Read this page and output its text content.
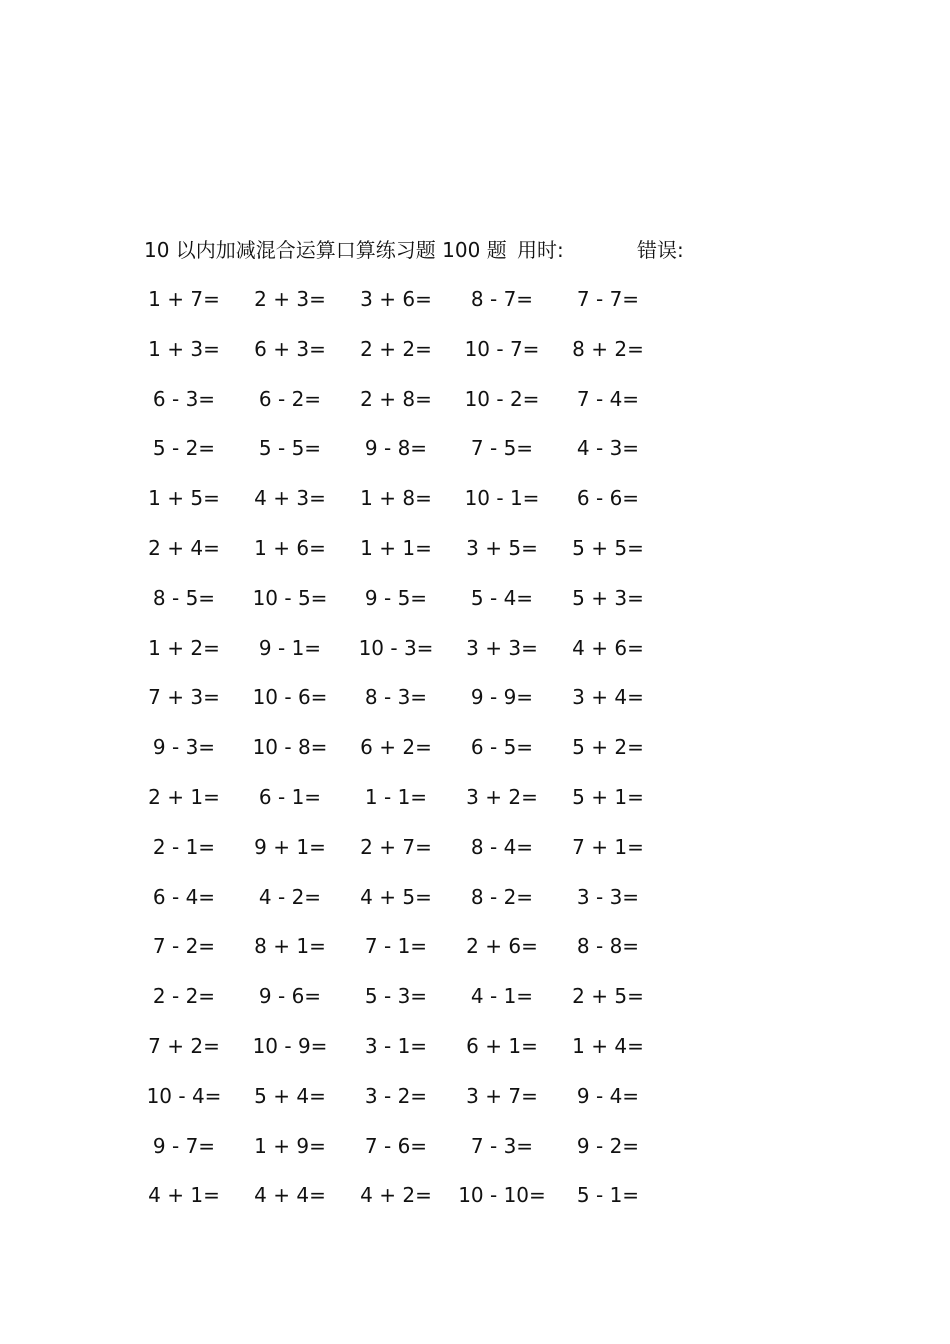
10 以内加减混合运算口算练习题 100 题 用时:	错误:
1 + 7=	2 + 3=	3 + 6=	8 - 7=	7 - 7=
1 + 3=	6 + 3=	2 + 2=	10 - 7=	8 + 2=
6 - 3=	6 - 2=	2 + 8=	10 - 2=	7 - 4=
5 - 2=	5 - 5=	9 - 8=	7 - 5=	4 - 3=
1 + 5=	4 + 3=	1 + 8=	10 - 1=	6 - 6=
2 + 4=	1 + 6=	1 + 1=	3 + 5=	5 + 5=
8 - 5=	10 - 5=	9 - 5=	5 - 4=	5 + 3=
1 + 2=	9 - 1=	10 - 3=	3 + 3=	4 + 6=
7 + 3=	10 - 6=	8 - 3=	9 - 9=	3 + 4=
9 - 3=	10 - 8=	6 + 2=	6 - 5=	5 + 2=
2 + 1=	6 - 1=	1 - 1=	3 + 2=	5 + 1=
2 - 1=	9 + 1=	2 + 7=	8 - 4=	7 + 1=
6 - 4=	4 - 2=	4 + 5=	8 - 2=	3 - 3=
7 - 2=	8 + 1=	7 - 1=	2 + 6=	8 - 8=
2 - 2=	9 - 6=	5 - 3=	4 - 1=	2 + 5=
7 + 2=	10 - 9=	3 - 1=	6 + 1=	1 + 4=
10 - 4=	5 + 4=	3 - 2=	3 + 7=	9 - 4=
9 - 7=	1 + 9=	7 - 6=	7 - 3=	9 - 2=
4 + 1=	4 + 4=	4 + 2=	10 - 10=	5 - 1=
